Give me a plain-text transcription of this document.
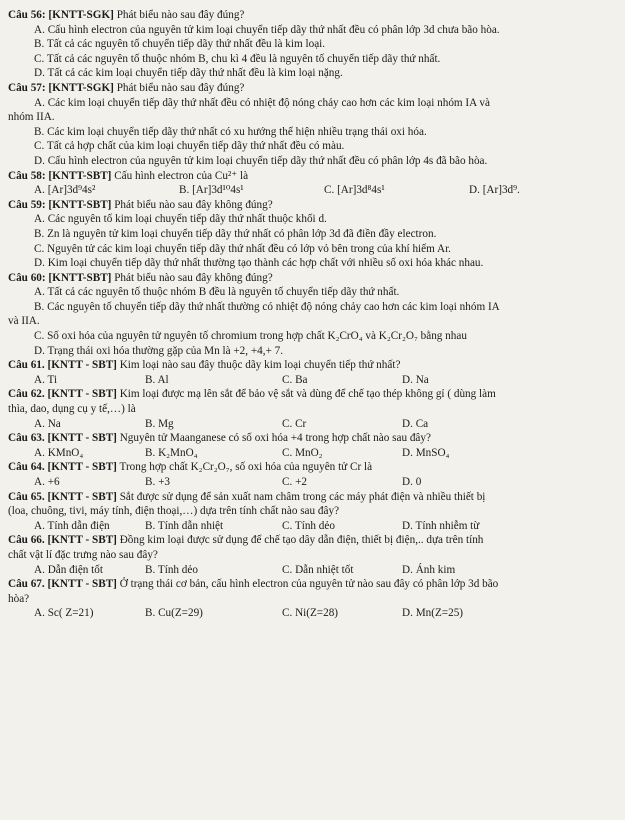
Câu 56: [KNTT-SGK] Phát biểu nào sau đây đúng?

A. Cấu hình electron của nguyên tử kim loại chuyển tiếp dãy thứ nhất đều có phân lớp 3d chưa bão hòa.

B. Tất cả các nguyên tố chuyển tiếp dãy thứ nhất đều là kim loại.

C. Tất cả các nguyên tố thuộc nhóm B, chu kì 4 đều là nguyên tố chuyển tiếp dãy thứ nhất.

D. Tất cả các kim loại chuyển tiếp dãy thứ nhất đều là kim loại nặng.

Câu 57: [KNTT-SGK] Phát biểu nào sau đây đúng?

A. Các kim loại chuyển tiếp dãy thứ nhất đều có nhiệt độ nóng chảy cao hơn các kim loại nhóm IA và

nhóm IIA.

B. Các kim loại chuyển tiếp dãy thứ nhất có xu hướng thể hiện nhiều trạng thái oxi hóa.

C. Tất cả hợp chất của kim loại chuyển tiếp dãy thứ nhất đều có màu.

D. Cấu hình electron của nguyên tử kim loại chuyển tiếp dãy thứ nhất đều có phân lớp 4s đã bão hòa.

Câu 58: [KNTT-SBT] Cấu hình electron của Cu²⁺ là

A. [Ar]3d⁹4s²	B. [Ar]3d¹⁰4s¹	C. [Ar]3d⁸4s¹	D. [Ar]3d⁹.

Câu 59: [KNTT-SBT] Phát biểu nào sau đây không đúng?

A. Các nguyên tố kim loại chuyển tiếp dãy thứ nhất thuộc khối d.

B. Zn là nguyên tử kim loại chuyển tiếp dãy thứ nhất có phân lớp 3d đã điền đầy electron.

C. Nguyên tử các kim loại chuyển tiếp dãy thứ nhất đều có lớp vỏ bên trong của khí hiếm Ar.

D. Kim loại chuyển tiếp dãy thứ nhất thường tạo thành các hợp chất với nhiều số oxi hóa khác nhau.

Câu 60: [KNTT-SBT] Phát biểu nào sau đây không đúng?

A. Tất cả các nguyên tố thuộc nhóm B đều là nguyên tố chuyển tiếp dãy thứ nhất.

B. Các nguyên tố chuyển tiếp dãy thứ nhất thường có nhiệt độ nóng chảy cao hơn các kim loại nhóm IA

và IIA.

C. Số oxi hóa của nguyên tử nguyên tố chromium trong hợp chất K₂CrO₄ và K₂Cr₂O₇ bằng nhau

D. Trạng thái oxi hóa thường gặp của Mn là +2, +4,+ 7.

Câu 61. [KNTT - SBT] Kim loại nào sau đây thuộc dãy kim loại chuyển tiếp thứ nhất?

A. Ti	B. Al	C. Ba	D. Na

Câu 62. [KNTT - SBT] Kim loại được mạ lên sắt để bảo vệ sắt và dùng để chế tạo thép không gỉ ( dùng làm

thìa, dao, dụng cụ y tế,…) là

A. Na	B. Mg	C. Cr	D. Ca

Câu 63. [KNTT - SBT] Nguyên tử Maanganese có số oxi hóa +4 trong hợp chất nào sau đây?

A. KMnO₄	B. K₂MnO₄	C. MnO₂	D. MnSO₄

Câu 64. [KNTT - SBT] Trong hợp chất K₂Cr₂O₇, số oxi hóa của nguyên tử Cr là

A. +6	B. +3	C. +2	D. 0

Câu 65. [KNTT - SBT] Sắt được sử dụng để sản xuất nam châm trong các máy phát điện và nhiều thiết bị

(loa, chuông, tivi, máy tính, điện thoại,…) dựa trên tính chất nào sau đây?

A. Tính dẫn điện	B. Tính dẫn nhiệt	C. Tính dẻo	D. Tính nhiễm từ

Câu 66. [KNTT - SBT] Đồng kim loại được sử dụng để chế tạo dây dẫn điện, thiết bị điện,.. dựa trên tính

chất vật lí đặc trưng nào sau đây?

A. Dẫn điện tốt	B. Tính dẻo	C. Dẫn nhiệt tốt	D. Ánh kim

Câu 67. [KNTT - SBT] Ở trạng thái cơ bản, cấu hình electron của nguyên tử nào sau đây có phân lớp 3d bão

hòa?

A. Sc( Z=21)	B. Cu(Z=29)	C. Ni(Z=28)	D. Mn(Z=25)
